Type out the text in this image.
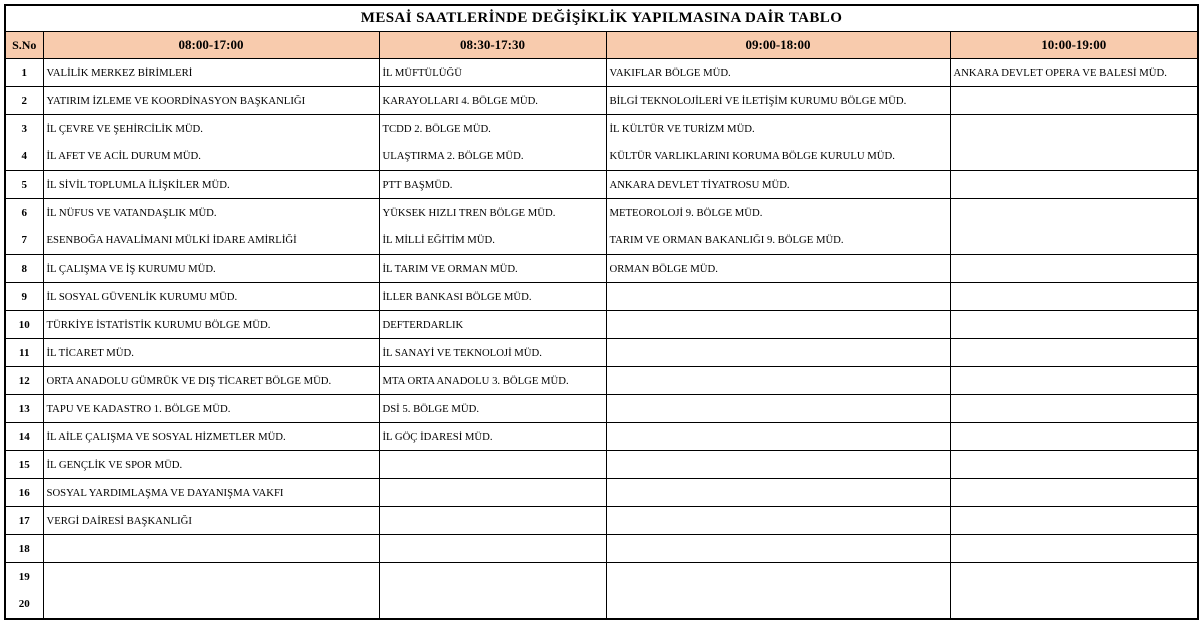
MESAİ SAATLERİNDE DEĞİŞİKLİK YAPILMASINA DAİR TABLO				
S.No	08:00-17:00	08:30-17:30	09:00-18:00	10:00-19:00
1	VALİLİK MERKEZ BİRİMLERİ	İL MÜFTÜLÜĞÜ	VAKIFLAR BÖLGE MÜD.	ANKARA DEVLET OPERA VE BALESİ MÜD.
2	YATIRIM İZLEME VE KOORDİNASYON BAŞKANLIĞI	KARAYOLLARI 4. BÖLGE MÜD.	BİLGİ TEKNOLOJİLERİ VE İLETİŞİM KURUMU BÖLGE MÜD.	
3	İL ÇEVRE VE ŞEHİRCİLİK MÜD.	TCDD 2. BÖLGE MÜD.	İL KÜLTÜR VE TURİZM MÜD.	
4	İL AFET VE ACİL DURUM MÜD.	ULAŞTIRMA 2. BÖLGE MÜD.	KÜLTÜR VARLIKLARINI KORUMA BÖLGE KURULU MÜD.	
5	İL SİVİL TOPLUMLA İLİŞKİLER MÜD.	PTT BAŞMÜD.	ANKARA DEVLET TİYATROSU MÜD.	
6	İL NÜFUS VE VATANDAŞLIK MÜD.	YÜKSEK HIZLI TREN BÖLGE MÜD.	METEOROLOJİ 9. BÖLGE MÜD.	
7	ESENBOĞA HAVALİMANI MÜLKİ İDARE AMİRLİĞİ	İL MİLLİ EĞİTİM MÜD.	TARIM VE ORMAN BAKANLIĞI 9. BÖLGE MÜD.	
8	İL ÇALIŞMA VE İŞ KURUMU MÜD.	İL TARIM VE ORMAN MÜD.	ORMAN BÖLGE MÜD.	
9	İL SOSYAL GÜVENLİK KURUMU MÜD.	İLLER BANKASI BÖLGE MÜD.		
10	TÜRKİYE İSTATİSTİK KURUMU BÖLGE MÜD.	DEFTERDARLIK		
11	İL TİCARET MÜD.	İL SANAYİ VE TEKNOLOJİ MÜD.		
12	ORTA ANADOLU GÜMRÜK VE DIŞ TİCARET BÖLGE MÜD.	MTA ORTA ANADOLU 3. BÖLGE MÜD.		
13	TAPU VE KADASTRO 1. BÖLGE MÜD.	DSİ 5. BÖLGE MÜD.		
14	İL AİLE ÇALIŞMA VE SOSYAL HİZMETLER MÜD.	İL GÖÇ İDARESİ MÜD.		
15	İL GENÇLİK VE SPOR MÜD.			
16	SOSYAL YARDIMLAŞMA VE DAYANIŞMA VAKFI			
17	VERGİ DAİRESİ BAŞKANLIĞI			
18				
19				
20				
